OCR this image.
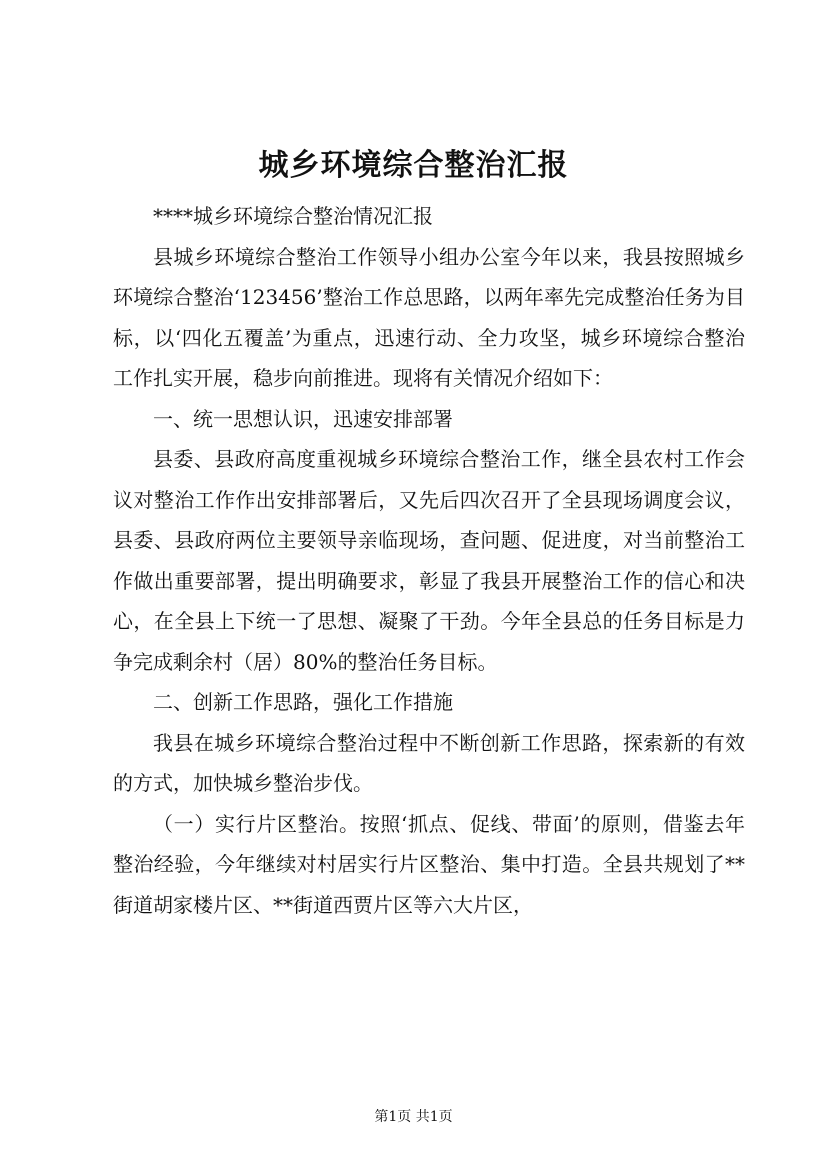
城乡环境综合整治汇报

****城乡环境综合整治情况汇报

县城乡环境综合整治工作领导小组办公室今年以来，我县按照城乡环境综合整治‘123456’整治工作总思路，以两年率先完成整治任务为目标，以‘四化五覆盖’为重点，迅速行动、全力攻坚，城乡环境综合整治工作扎实开展，稳步向前推进。现将有关情况介绍如下：

一、统一思想认识，迅速安排部署

县委、县政府高度重视城乡环境综合整治工作，继全县农村工作会议对整治工作作出安排部署后，又先后四次召开了全县现场调度会议，县委、县政府两位主要领导亲临现场，查问题、促进度，对当前整治工作做出重要部署，提出明确要求，彰显了我县开展整治工作的信心和决心，在全县上下统一了思想、凝聚了干劲。今年全县总的任务目标是力争完成剩余村（居）80%的整治任务目标。

二、创新工作思路，强化工作措施

我县在城乡环境综合整治过程中不断创新工作思路，探索新的有效的方式，加快城乡整治步伐。

（一）实行片区整治。按照‘抓点、促线、带面’的原则，借鉴去年整治经验，今年继续对村居实行片区整治、集中打造。全县共规划了**街道胡家楼片区、**街道西贾片区等六大片区，

第1页 共1页
